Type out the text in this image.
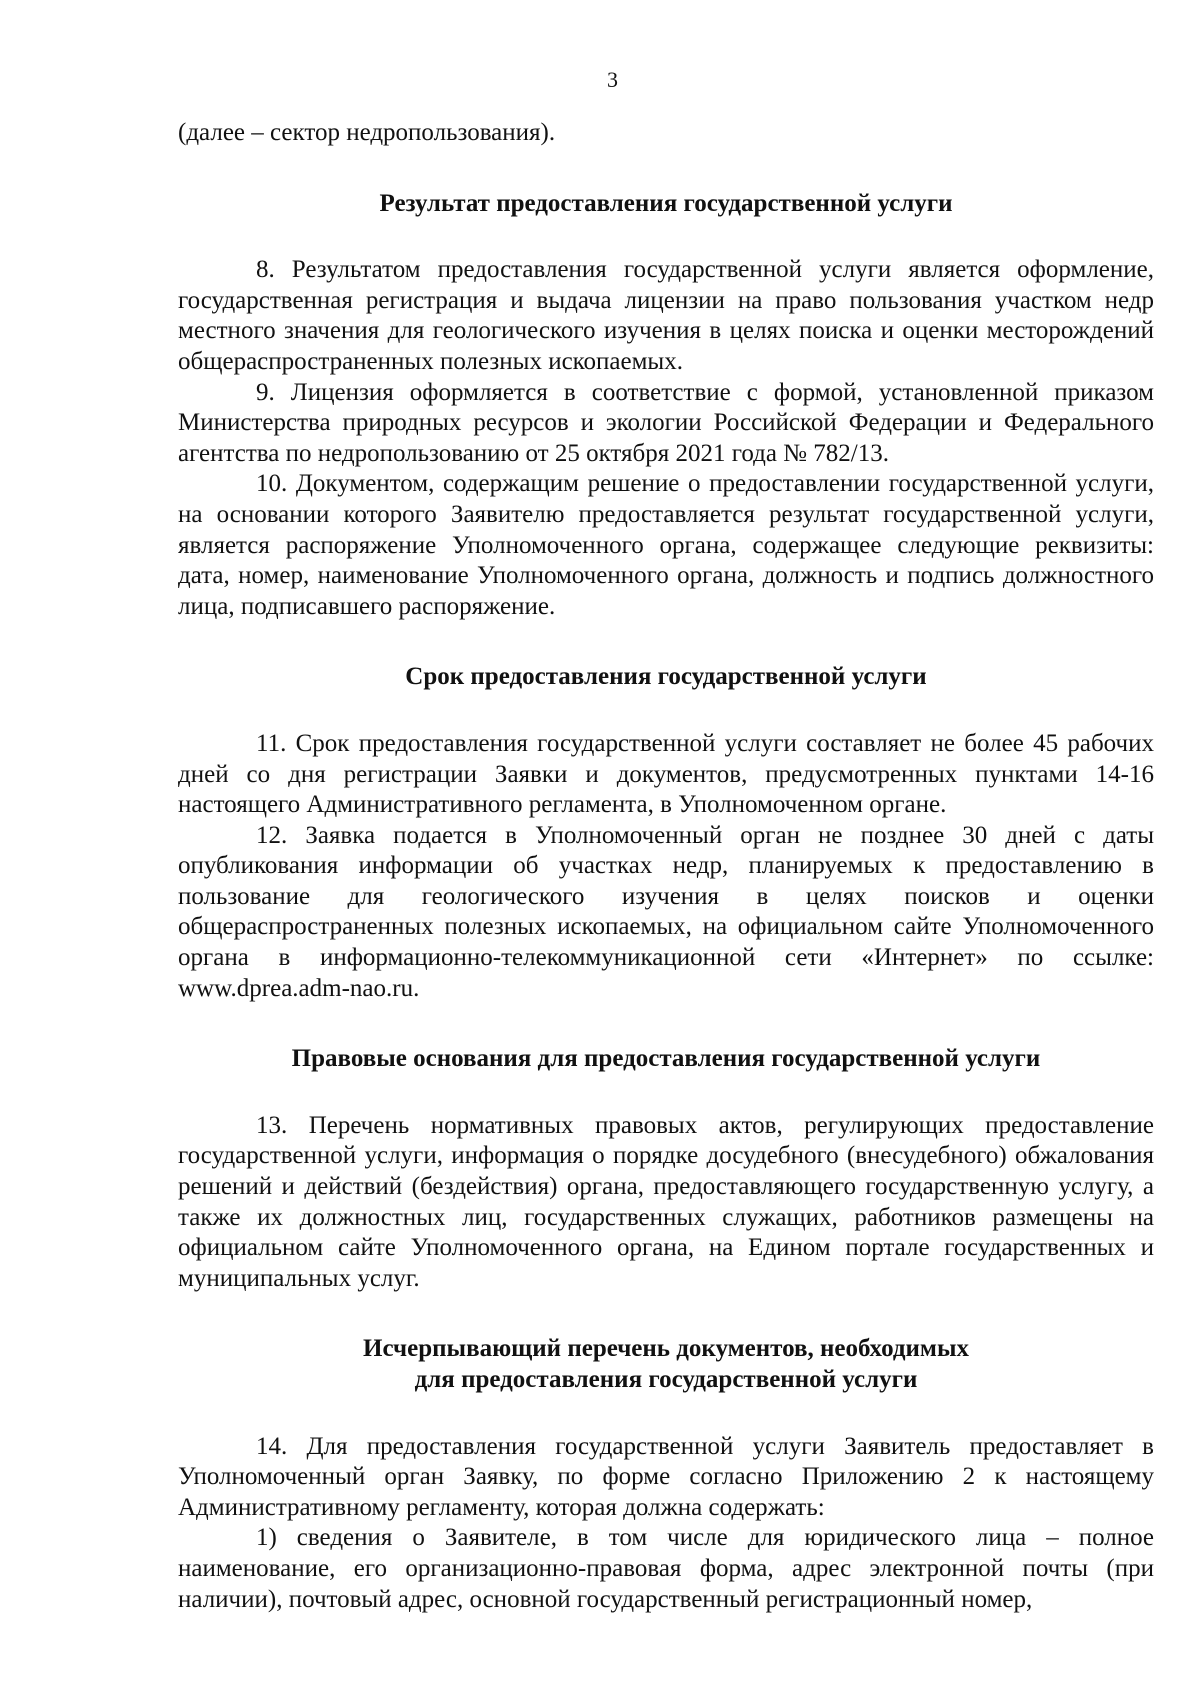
3

(далее – сектор недропользования).

Результат предоставления государственной услуги

8. Результатом предоставления государственной услуги является оформление, государственная регистрация и выдача лицензии на право пользования участком недр местного значения для геологического изучения в целях поиска и оценки месторождений общераспространенных полезных ископаемых.

9. Лицензия оформляется в соответствие с формой, установленной приказом Министерства природных ресурсов и экологии Российской Федерации и Федерального агентства по недропользованию от 25 октября 2021 года № 782/13.

10. Документом, содержащим решение о предоставлении государственной услуги, на основании которого Заявителю предоставляется результат государственной услуги, является распоряжение Уполномоченного органа, содержащее следующие реквизиты: дата, номер, наименование Уполномоченного органа, должность и подпись должностного лица, подписавшего распоряжение.

Срок предоставления государственной услуги

11. Срок предоставления государственной услуги составляет не более 45 рабочих дней со дня регистрации Заявки и документов, предусмотренных пунктами 14-16 настоящего Административного регламента, в Уполномоченном органе.

12. Заявка подается в Уполномоченный орган не позднее 30 дней с даты опубликования информации об участках недр, планируемых к предоставлению в пользование для геологического изучения в целях поисков и оценки общераспространенных полезных ископаемых, на официальном сайте Уполномоченного органа в информационно-телекоммуникационной сети «Интернет» по ссылке: www.dprea.adm-nao.ru.

Правовые основания для предоставления государственной услуги

13. Перечень нормативных правовых актов, регулирующих предоставление государственной услуги, информация о порядке досудебного (внесудебного) обжалования решений и действий (бездействия) органа, предоставляющего государственную услугу, а также их должностных лиц, государственных служащих, работников размещены на официальном сайте Уполномоченного органа, на Едином портале государственных и муниципальных услуг.

Исчерпывающий перечень документов, необходимых
для предоставления государственной услуги

14. Для предоставления государственной услуги Заявитель предоставляет в Уполномоченный орган Заявку, по форме согласно Приложению 2 к настоящему Административному регламенту, которая должна содержать:

1) сведения о Заявителе, в том числе для юридического лица – полное наименование, его организационно-правовая форма, адрес электронной почты (при наличии), почтовый адрес, основной государственный регистрационный номер,
